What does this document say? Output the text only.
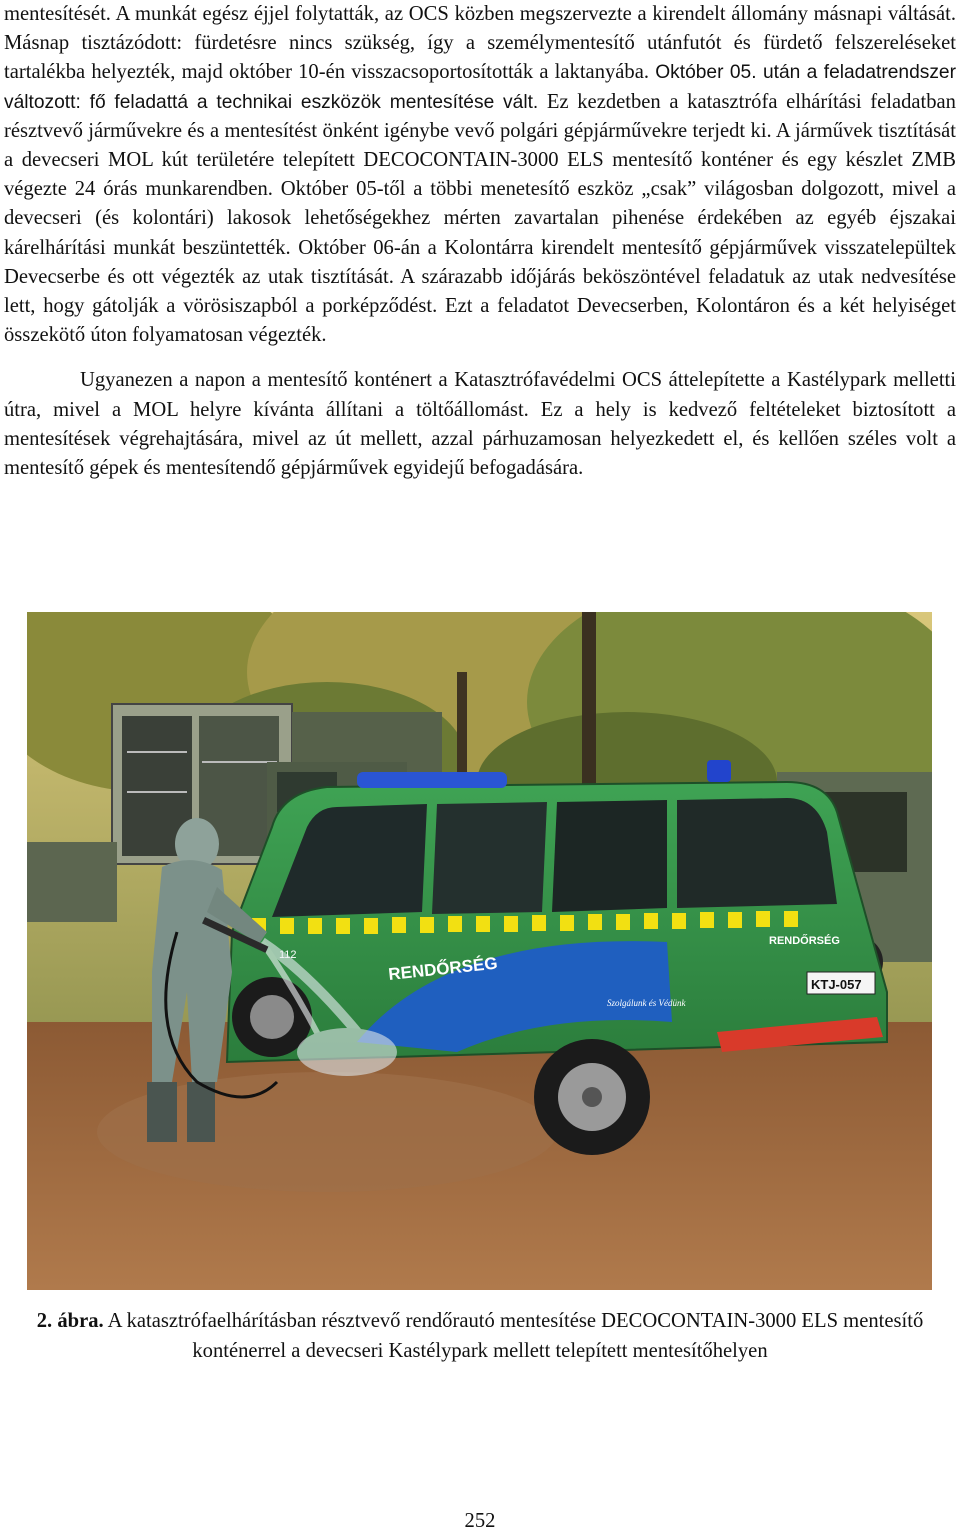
mentesítését. A munkát egész éjjel folytatták, az OCS közben megszervezte a kirendelt állomány másnapi váltását. Másnap tisztázódott: fürdetésre nincs szükség, így a személymentesítő utánfutót és fürdető felszereléseket tartalékba helyezték, majd október 10-én visszacsoportosították a laktanyába. Október 05. után a feladatrendszer változott: fő feladattá a technikai eszközök mentesítése vált. Ez kezdetben a katasztrófa elhárítási feladatban résztvevő járművekre és a mentesítést önként igénybe vevő polgári gépjárművekre terjedt ki. A járművek tisztítását a devecseri MOL kút területére telepített DECOCONTAIN-3000 ELS mentesítő konténer és egy készlet ZMB végezte 24 órás munkarendben. Október 05-től a többi menetesítő eszköz „csak” világosban dolgozott, mivel a devecseri (és kolontári) lakosok lehetőségekhez mérten zavartalan pihenése érdekében az egyéb éjszakai kárelhárítási munkát beszüntették. Október 06-án a Kolontárra kirendelt mentesítő gépjárművek visszatelepültek Devecserbe és ott végezték az utak tisztítását. A szárazabb időjárás beköszöntével feladatuk az utak nedvesítése lett, hogy gátolják a vörösiszapból a porképződést. Ezt a feladatot Devecserben, Kolontáron és a két helyiséget összekötő úton folyamatosan végezték.

Ugyanezen a napon a mentesítő konténert a Katasztrófavédelmi OCS áttelepítette a Kastélypark melletti útra, mivel a MOL helyre kívánta állítani a töltőállomást. Ez a hely is kedvező feltételeket biztosított a mentesítések végrehajtására, mivel az út mellett, azzal párhuzamosan helyezkedett el, és kellően széles volt a mentesítő gépek és mentesítendő gépjárművek egyidejű befogadására.

RENDŐRSÉG
RENDŐRSÉG
Szolgálunk és Védünk
112
KTJ-057
2. ábra. A katasztrófaelhárításban résztvevő rendőrautó mentesítése DECOCONTAIN-3000 ELS mentesítő konténerrel a devecseri Kastélypark mellett telepített mentesítőhelyen
252
